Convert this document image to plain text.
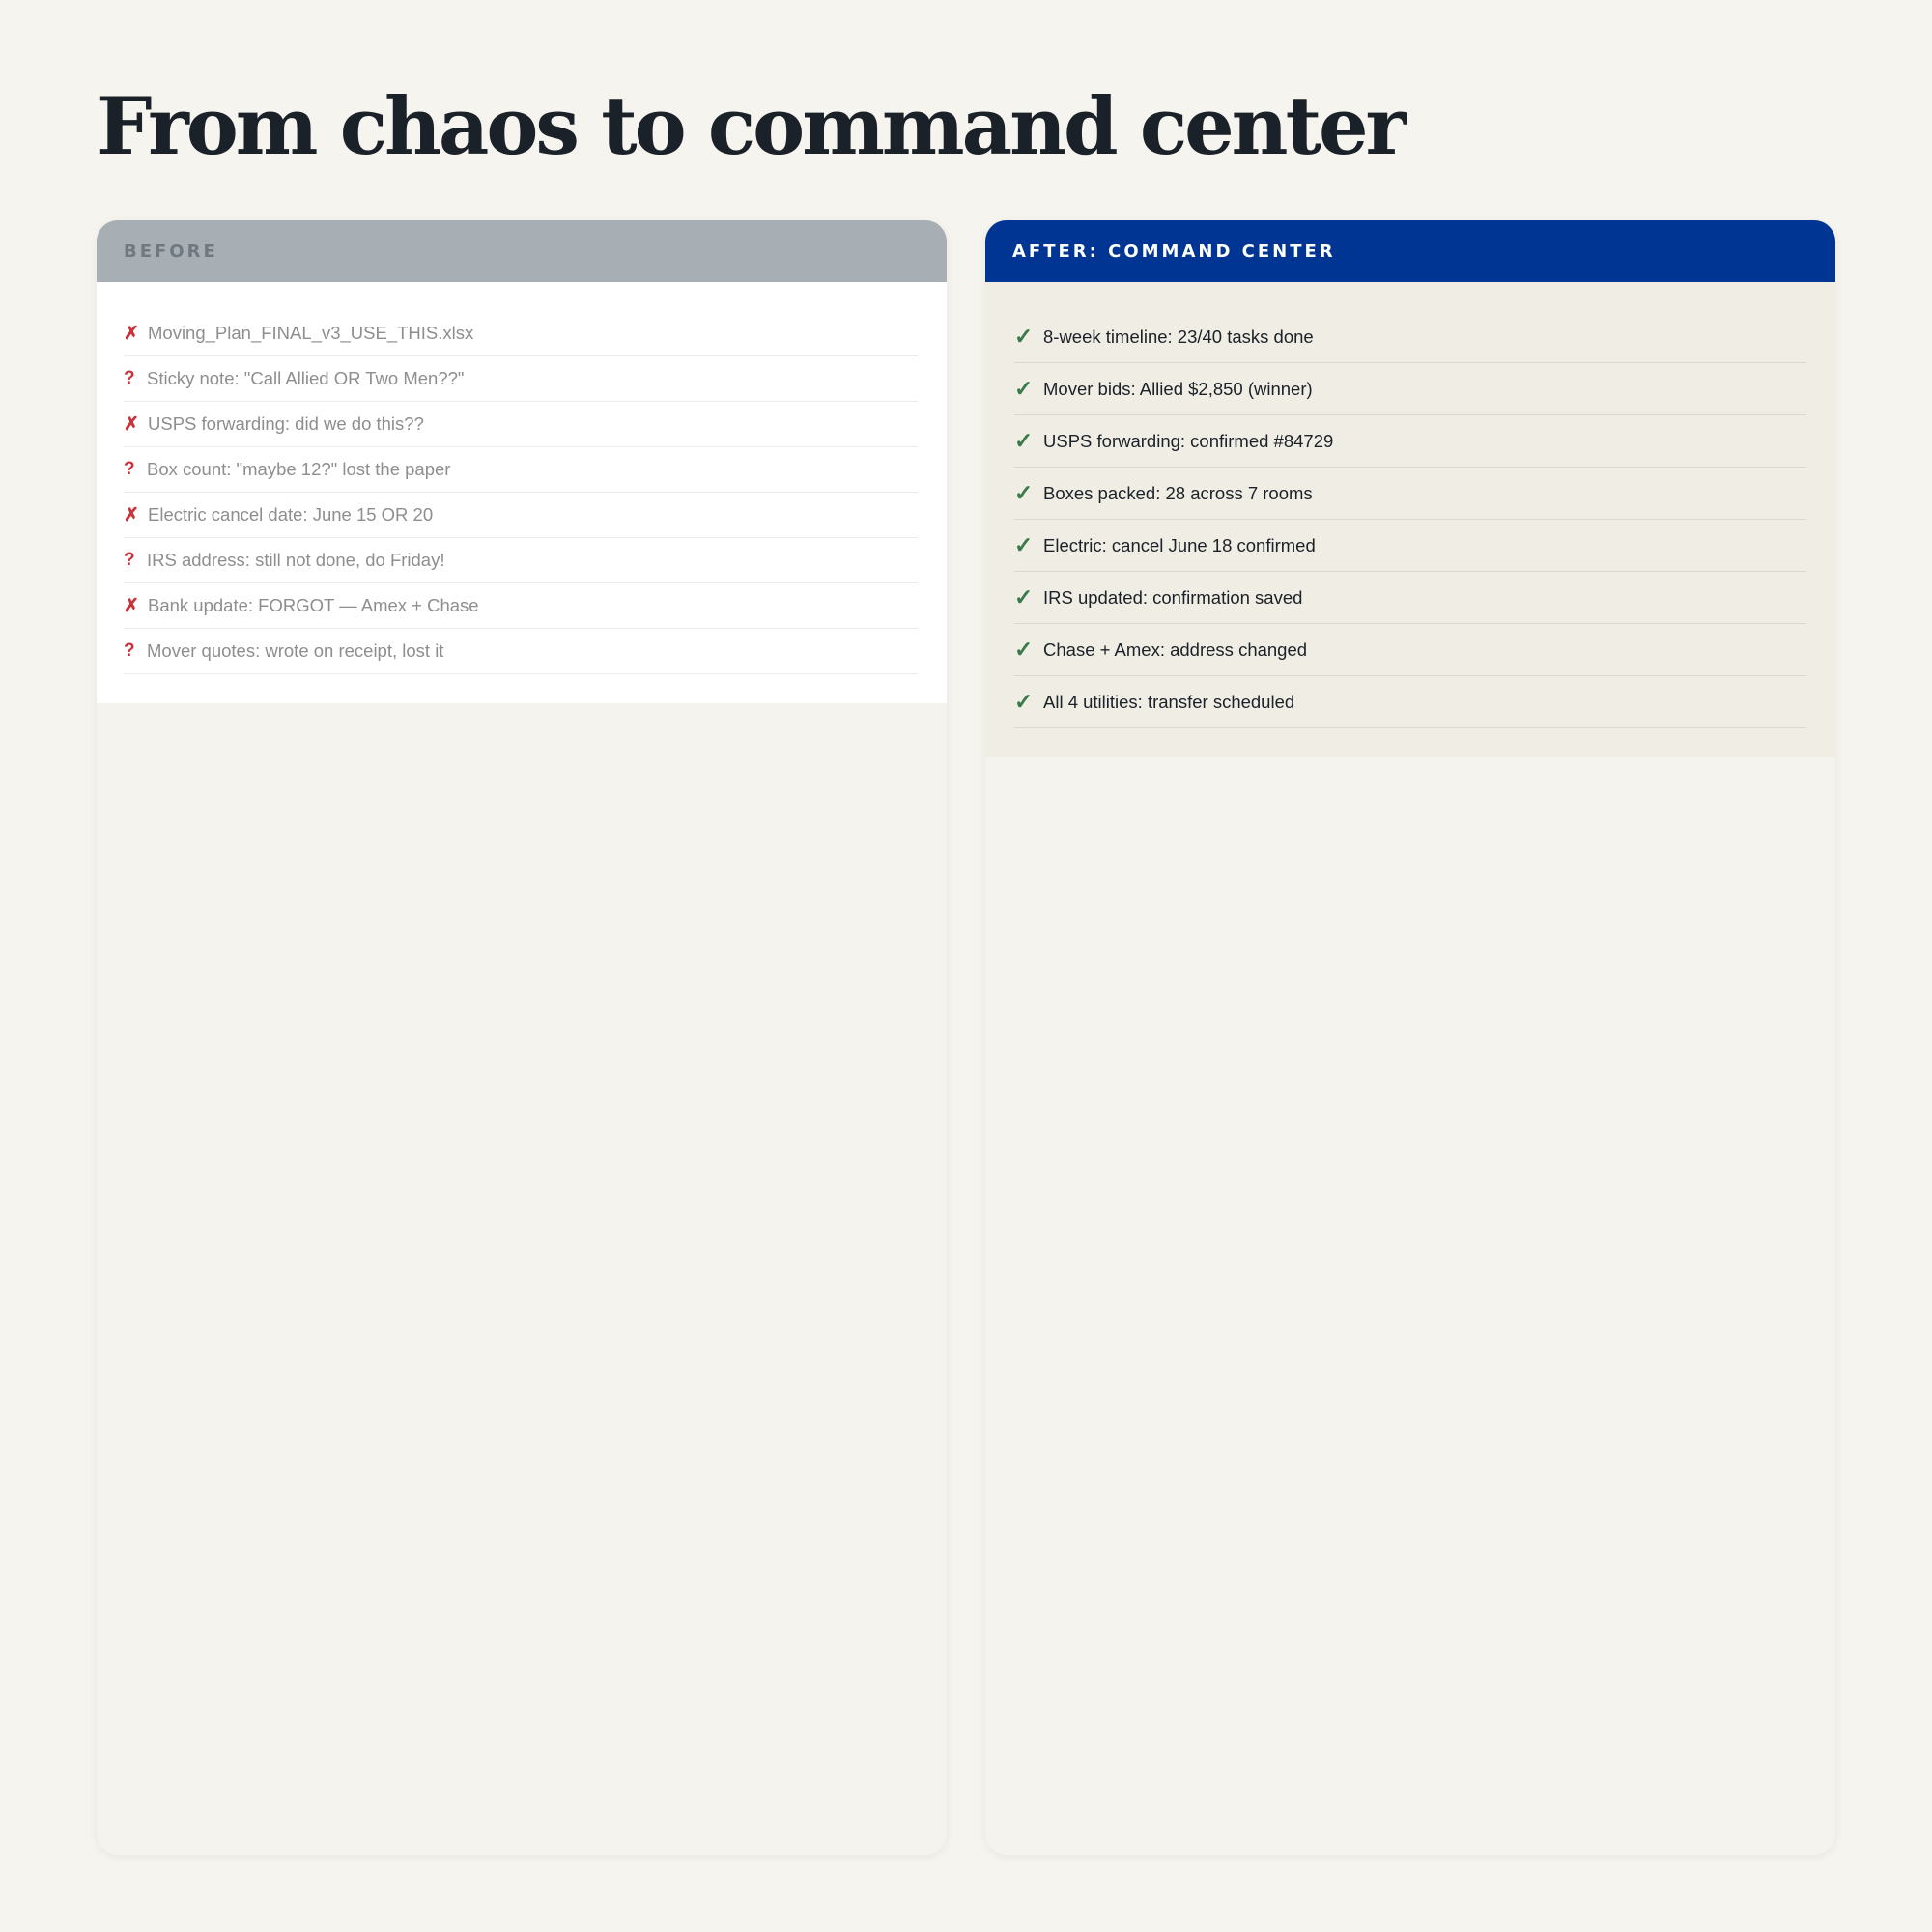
From chaos to command center
BEFORE
✗ Moving_Plan_FINAL_v3_USE_THIS.xlsx
? Sticky note: "Call Allied OR Two Men??"
✗ USPS forwarding: did we do this??
? Box count: "maybe 12?" lost the paper
✗ Electric cancel date: June 15 OR 20
? IRS address: still not done, do Friday!
✗ Bank update: FORGOT — Amex + Chase
? Mover quotes: wrote on receipt, lost it
AFTER: COMMAND CENTER
✓ 8-week timeline: 23/40 tasks done
✓ Mover bids: Allied $2,850 (winner)
✓ USPS forwarding: confirmed #84729
✓ Boxes packed: 28 across 7 rooms
✓ Electric: cancel June 18 confirmed
✓ IRS updated: confirmation saved
✓ Chase + Amex: address changed
✓ All 4 utilities: transfer scheduled
